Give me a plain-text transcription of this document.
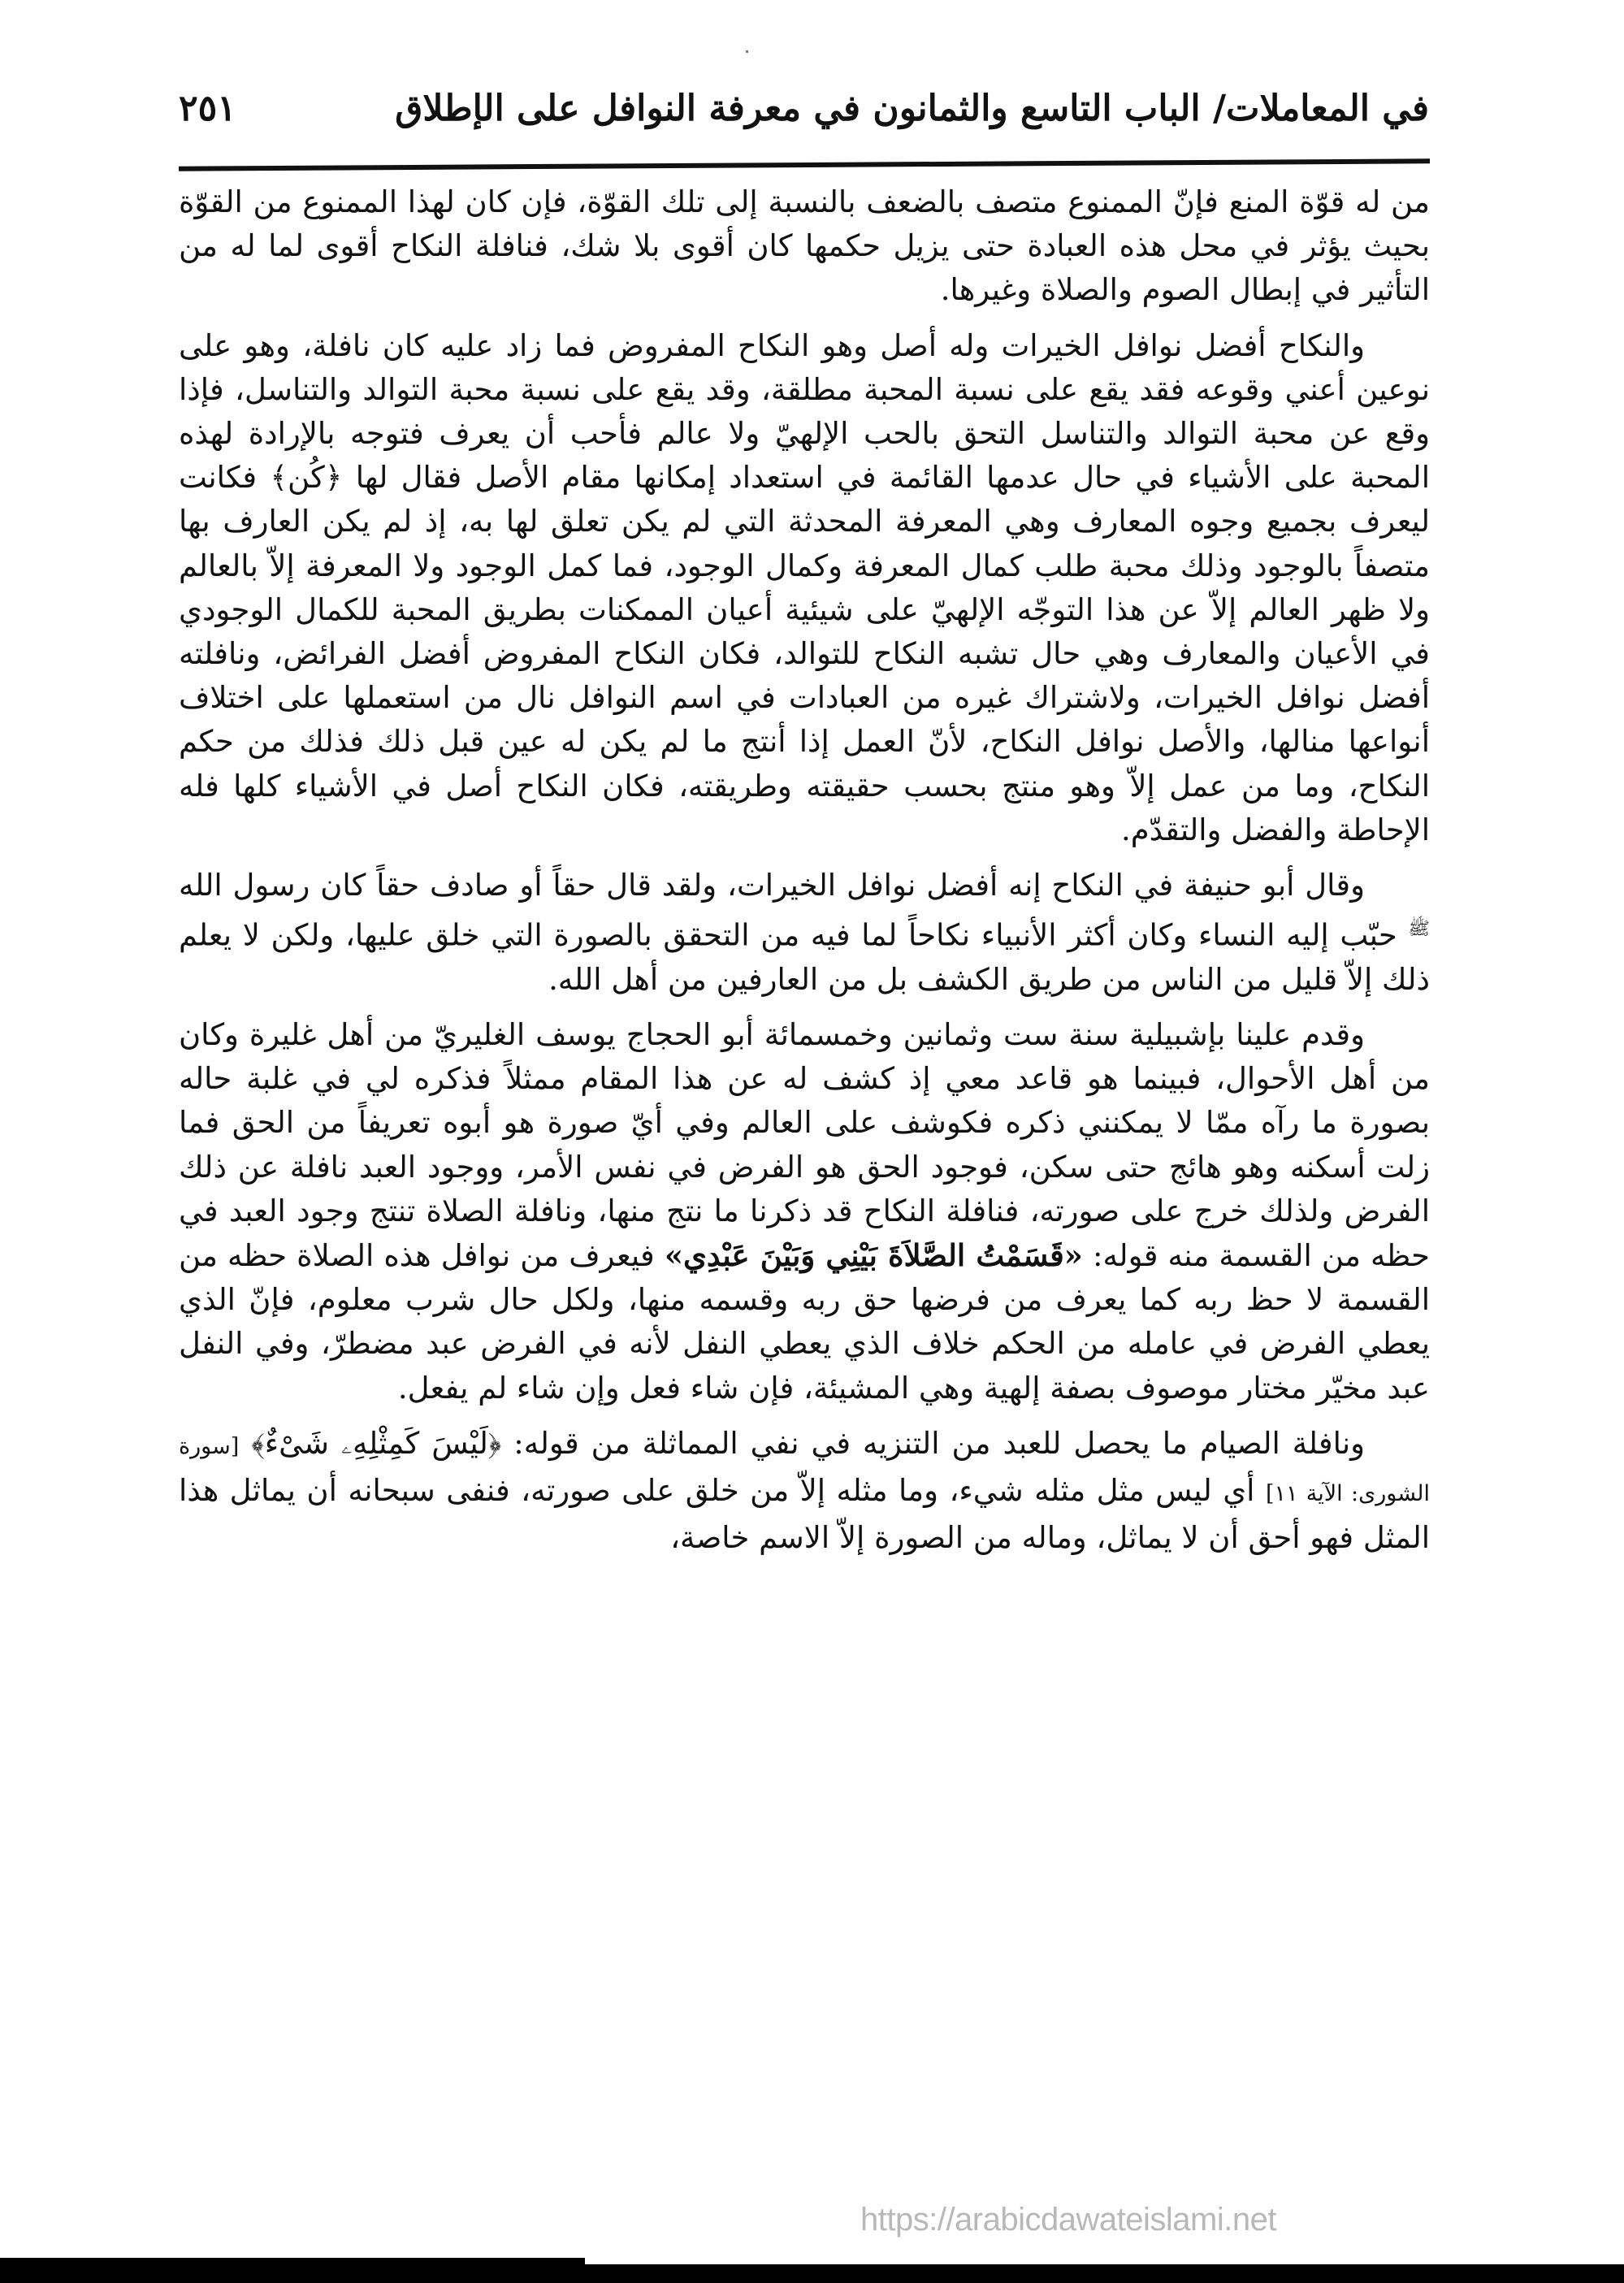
في المعاملات/ الباب التاسع والثمانون في معرفة النوافل على الإطلاق
٢٥١

من له قوّة المنع فإنّ الممنوع متصف بالضعف بالنسبة إلى تلك القوّة، فإن كان لهذا الممنوع من القوّة بحيث يؤثر في محل هذه العبادة حتى يزيل حكمها كان أقوى بلا شك، فنافلة النكاح أقوى لما له من التأثير في إبطال الصوم والصلاة وغيرها.

والنكاح أفضل نوافل الخيرات وله أصل وهو النكاح المفروض فما زاد عليه كان نافلة، وهو على نوعين أعني وقوعه فقد يقع على نسبة المحبة مطلقة، وقد يقع على نسبة محبة التوالد والتناسل، فإذا وقع عن محبة التوالد والتناسل التحق بالحب الإلهيّ ولا عالم فأحب أن يعرف فتوجه بالإرادة لهذه المحبة على الأشياء في حال عدمها القائمة في استعداد إمكانها مقام الأصل فقال لها ﴿كُن﴾ فكانت ليعرف بجميع وجوه المعارف وهي المعرفة المحدثة التي لم يكن تعلق لها به، إذ لم يكن العارف بها متصفاً بالوجود وذلك محبة طلب كمال المعرفة وكمال الوجود، فما كمل الوجود ولا المعرفة إلاّ بالعالم ولا ظهر العالم إلاّ عن هذا التوجّه الإلهيّ على شيئية أعيان الممكنات بطريق المحبة للكمال الوجودي في الأعيان والمعارف وهي حال تشبه النكاح للتوالد، فكان النكاح المفروض أفضل الفرائض، ونافلته أفضل نوافل الخيرات، ولاشتراك غيره من العبادات في اسم النوافل نال من استعملها على اختلاف أنواعها منالها، والأصل نوافل النكاح، لأنّ العمل إذا أنتج ما لم يكن له عين قبل ذلك فذلك من حكم النكاح، وما من عمل إلاّ وهو منتج بحسب حقيقته وطريقته، فكان النكاح أصل في الأشياء كلها فله الإحاطة والفضل والتقدّم.

وقال أبو حنيفة في النكاح إنه أفضل نوافل الخيرات، ولقد قال حقاً أو صادف حقاً كان رسول الله $^ﷺ$ حبّب إليه النساء وكان أكثر الأنبياء نكاحاً لما فيه من التحقق بالصورة التي خلق عليها، ولكن لا يعلم ذلك إلاّ قليل من الناس من طريق الكشف بل من العارفين من أهل الله.

وقدم علينا بإشبيلية سنة ست وثمانين وخمسمائة أبو الحجاج يوسف الغليريّ من أهل غليرة وكان من أهل الأحوال، فبينما هو قاعد معي إذ كشف له عن هذا المقام ممثلاً فذكره لي في غلبة حاله بصورة ما رآه ممّا لا يمكنني ذكره فكوشف على العالم وفي أيّ صورة هو أبوه تعريفاً من الحق فما زلت أسكنه وهو هائج حتى سكن، فوجود الحق هو الفرض في نفس الأمر، ووجود العبد نافلة عن ذلك الفرض ولذلك خرج على صورته، فنافلة النكاح قد ذكرنا ما نتج منها، ونافلة الصلاة تنتج وجود العبد في حظه من القسمة منه قوله: «قَسَمْتُ الصَّلاَةَ بَيْنِي وَبَيْنَ عَبْدِي» فيعرف من نوافل هذه الصلاة حظه من القسمة لا حظ ربه كما يعرف من فرضها حق ربه وقسمه منها، ولكل حال شرب معلوم، فإنّ الذي يعطي الفرض في عامله من الحكم خلاف الذي يعطي النفل لأنه في الفرض عبد مضطرّ، وفي النفل عبد مخيّر مختار موصوف بصفة إلهية وهي المشيئة، فإن شاء فعل وإن شاء لم يفعل.

ونافلة الصيام ما يحصل للعبد من التنزيه في نفي المماثلة من قوله: ﴿لَيْسَ كَمِثْلِهِۦ شَىْءٌ﴾ [سورة الشورى: الآية ١١] أي ليس مثل مثله شيء، وما مثله إلاّ من خلق على صورته، فنفى سبحانه أن يماثل هذا المثل فهو أحق أن لا يماثل، وماله من الصورة إلاّ الاسم خاصة،

https://arabicdawateislami.net
